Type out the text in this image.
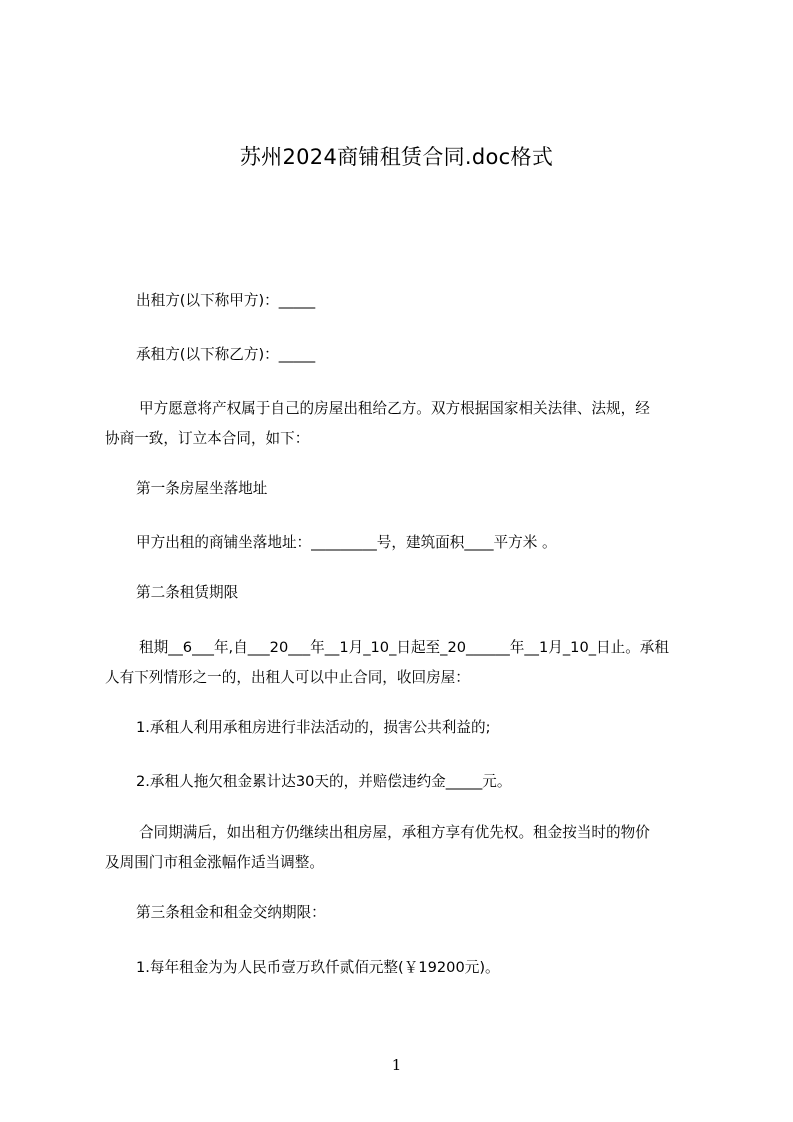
苏州2024商铺租赁合同.doc格式
出租方(以下称甲方)：_____
承租方(以下称乙方)：_____
甲方愿意将产权属于自己的房屋出租给乙方。双方根据国家相关法律、法规，经
协商一致，订立本合同，如下：
第一条房屋坐落地址
甲方出租的商铺坐落地址：_________号，建筑面积____平方米 。
第二条租赁期限
租期__6___年,自___20___年__1月_10_日起至_20______年__1月_10_日止。承租
人有下列情形之一的，出租人可以中止合同，收回房屋：
1.承租人利用承租房进行非法活动的，损害公共利益的;
2.承租人拖欠租金累计达30天的，并赔偿违约金_____元。
合同期满后，如出租方仍继续出租房屋，承租方享有优先权。租金按当时的物价
及周围门市租金涨幅作适当调整。
第三条租金和租金交纳期限：
1.每年租金为为人民币壹万玖仟贰佰元整(￥19200元)。
1
